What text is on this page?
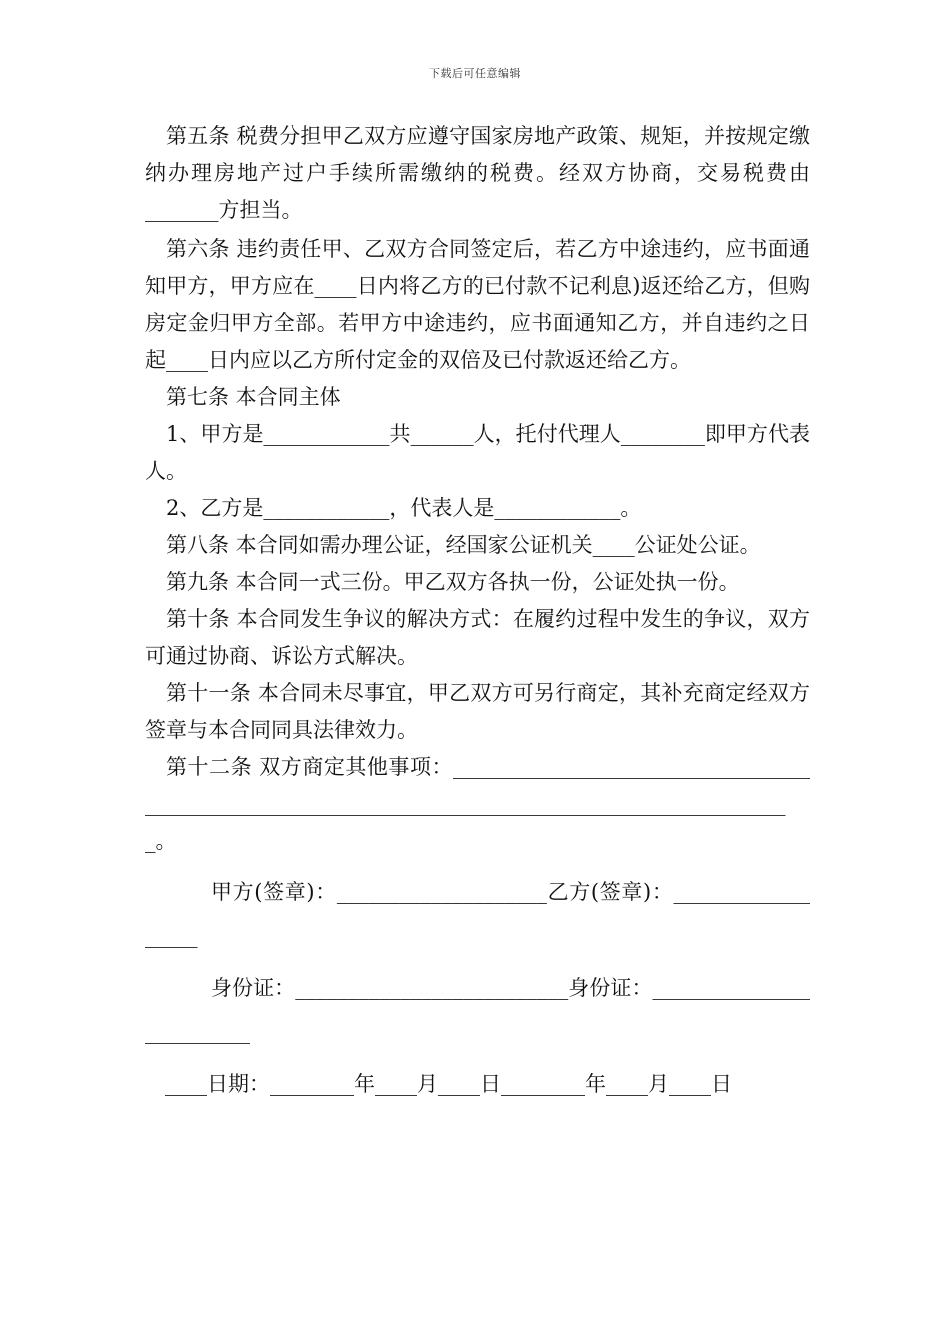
下载后可任意编辑

第五条 税费分担甲乙双方应遵守国家房地产政策、规矩，并按规定缴纳办理房地产过户手续所需缴纳的税费。经双方协商，交易税费由_______方担当。

第六条 违约责任甲、乙双方合同签定后，若乙方中途违约，应书面通知甲方，甲方应在____日内将乙方的已付款不记利息)返还给乙方，但购房定金归甲方全部。若甲方中途违约，应书面通知乙方，并自违约之日起____日内应以乙方所付定金的双倍及已付款返还给乙方。

第七条 本合同主体

1、甲方是____________共______人，托付代理人________即甲方代表人。

2、乙方是____________，代表人是____________。

第八条 本合同如需办理公证，经国家公证机关____公证处公证。

第九条 本合同一式三份。甲乙双方各执一份，公证处执一份。

第十条 本合同发生争议的解决方式：在履约过程中发生的争议，双方可通过协商、诉讼方式解决。

第十一条 本合同未尽事宜，甲乙双方可另行商定，其补充商定经双方签章与本合同同具法律效力。

第十二条 双方商定其他事项：________________________________________________________________________________________________。

甲方(签章)：____________________乙方(签章)：__________________

身份证：__________________________身份证：_________________________

____日期：________年____月____日________年____月____日
